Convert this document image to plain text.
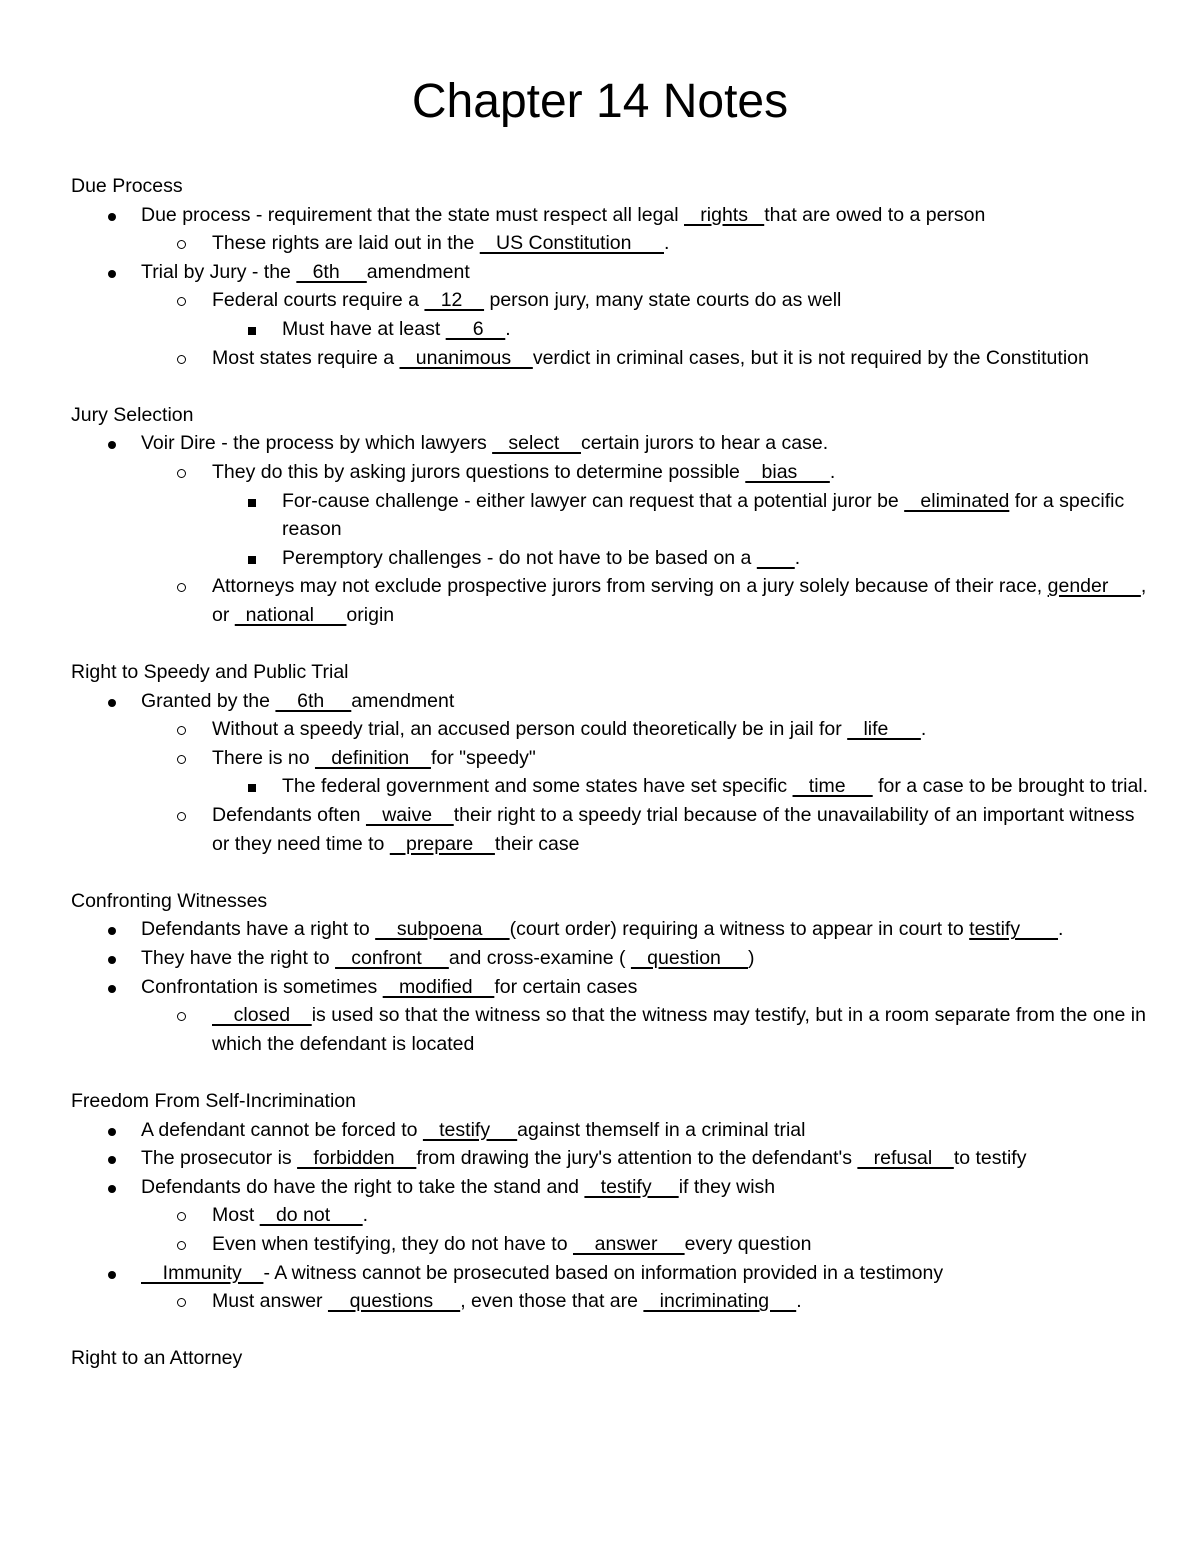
Chapter 14 Notes
Due Process
Due process - requirement that the state must respect all legal    rights   that are owed to a person
These rights are laid out in the    US Constitution      .
Trial by Jury - the    6th     amendment
Federal courts require a    12     person jury, many state courts do as well
Must have at least      6    .
Most states require a    unanimous    verdict in criminal cases, but it is not required by the Constitution
Jury Selection
Voir Dire - the process by which lawyers    select    certain jurors to hear a case.
They do this by asking jurors questions to determine possible    bias      .
For-cause challenge - either lawyer can request that a potential juror be    eliminated for a specific reason
Peremptory challenges - do not have to be based on a        .
Attorneys may not exclude prospective jurors from serving on a jury solely because of their race, gender      , or   national      origin
Right to Speedy and Public Trial
Granted by the     6th     amendment
Without a speedy trial, an accused person could theoretically be in jail for    life      .
There is no    definition    for "speedy"
The federal government and some states have set specific    time      for a case to be brought to trial.
Defendants often    waive    their right to a speedy trial because of the unavailability of an important witness or they need time to    prepare    their case
Confronting Witnesses
Defendants have a right to     subpoena     (court order) requiring a witness to appear in court to testify       .
They have the right to    confront     and cross-examine (    question     )
Confrontation is sometimes    modified    for certain cases
closed    is used so that the witness so that the witness may testify, but in a room separate from the one in which the defendant is located
Freedom From Self-Incrimination
A defendant cannot be forced to    testify     against themself in a criminal trial
The prosecutor is    forbidden    from drawing the jury's attention to the defendant's    refusal    to testify
Defendants do have the right to take the stand and    testify     if they wish
Most    do not      .
Even when testifying, they do not have to     answer     every question
Immunity    - A witness cannot be prosecuted based on information provided in a testimony
Must answer     questions     , even those that are    incriminating     .
Right to an Attorney
